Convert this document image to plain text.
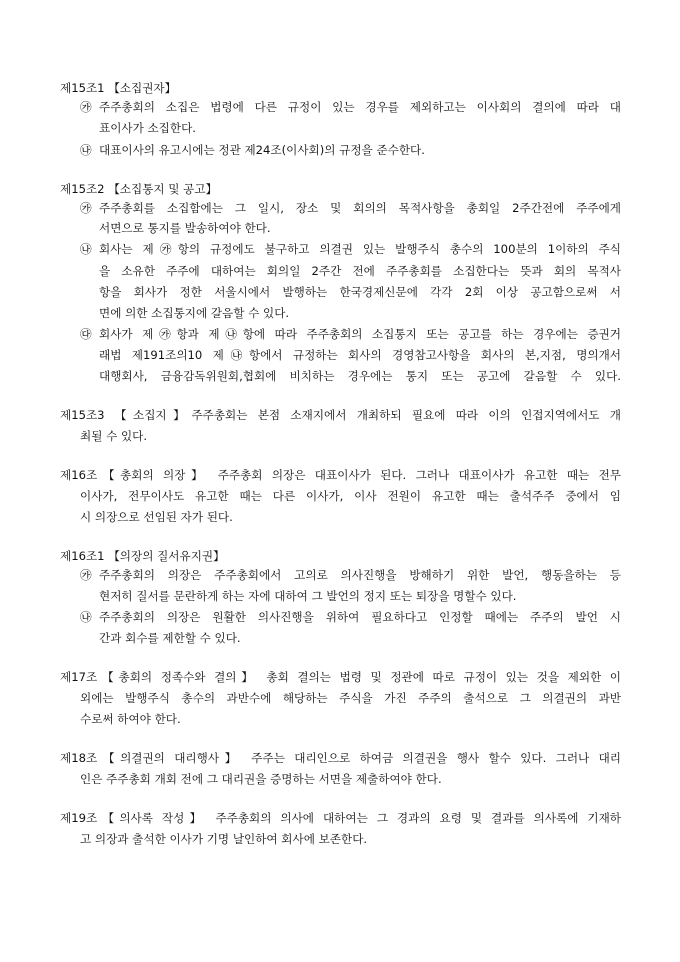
제15조1 【소집권자】
㉮ 주주총회의 소집은 법령에 다른 규정이 있는 경우를 제외하고는 이사회의 결의에 따라 대
표이사가 소집한다.
㉯ 대표이사의 유고시에는 정관 제24조(이사회)의 규정을 준수한다.
제15조2 【소집통지 및 공고】
㉮ 주주총회를 소집함에는 그 일시, 장소 및 회의의 목적사항을 총회일 2주간전에 주주에게
서면으로 통지를 발송하여야 한다.
㉯ 회사는 제㉮항의 규정에도 불구하고 의결권 있는 발행주식 총수의 100분의 1이하의 주식
을 소유한 주주에 대하여는 회의일 2주간 전에 주주총회를 소집한다는 뜻과 회의 목적사
항을 회사가 정한 서울시에서 발행하는 한국경제신문에 각각 2회 이상 공고함으로써 서
면에 의한 소집통지에 갈음할 수 있다.
㉰ 회사가 제㉮항과 제㉯항에 따라 주주총회의 소집통지 또는 공고를 하는 경우에는 증권거
래법 제191조의10 제㉯항에서 규정하는 회사의 경영참고사항을 회사의 본,지점, 명의개서
대행회사, 금융감독위원회,협회에 비치하는 경우에는 통지 또는 공고에 갈음할 수 있다.
제15조3 【소집지】주주총회는 본점 소재지에서 개최하되 필요에 따라 이의 인접지역에서도 개
최될 수 있다.
제16조【총회의 의장】 주주총회 의장은 대표이사가 된다. 그러나 대표이사가 유고한 때는 전무
이사가, 전무이사도 유고한 때는 다른 이사가, 이사 전원이 유고한 때는 출석주주 중에서 임
시 의장으로 선임된 자가 된다.
제16조1 【의장의 질서유지권】
㉮ 주주총회의 의장은 주주총회에서 고의로 의사진행을 방해하기 위한 발언, 행동을하는 등
현저히 질서를 문란하게 하는 자에 대하여 그 발언의 정지 또는 퇴장을 명할수 있다.
㉯ 주주총회의 의장은 원활한 의사진행을 위하여 필요하다고 인정할 때에는 주주의 발언 시
간과 회수를 제한할 수 있다.
제17조【총회의 정족수와 결의】 총회 결의는 법령 및 정관에 따로 규정이 있는 것을 제외한 이
외에는 발행주식 총수의 과반수에 해당하는 주식을 가진 주주의 출석으로 그 의결권의 과반
수로써 하여야 한다.
제18조【의결권의 대리행사】 주주는 대리인으로 하여금 의결권을 행사 할수 있다. 그러나 대리
인은 주주총회 개회 전에 그 대리권을 증명하는 서면을 제출하여야 한다.
제19조【의사록 작성】 주주총회의 의사에 대하여는 그 경과의 요령 및 결과를 의사록에 기재하
고 의장과 출석한 이사가 기명 날인하여 회사에 보존한다.
